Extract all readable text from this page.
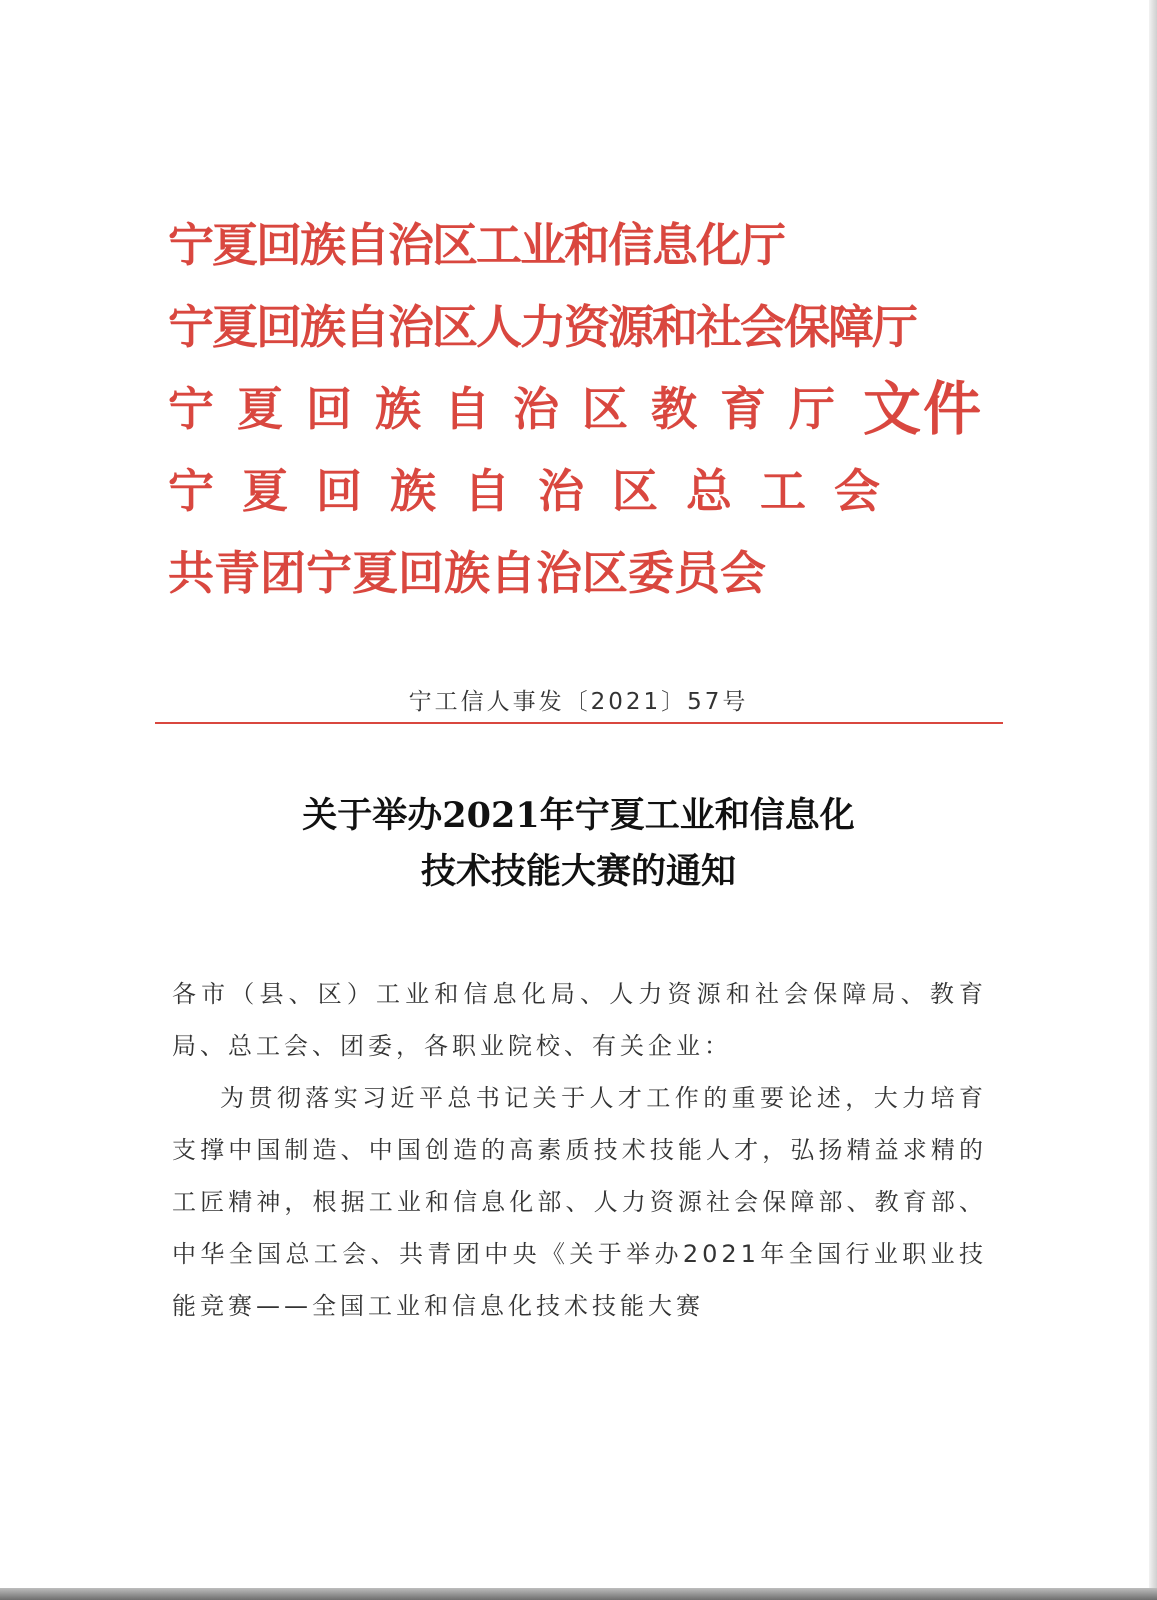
宁夏回族自治区工业和信息化厅
宁夏回族自治区人力资源和社会保障厅
宁夏回族自治区教育厅
宁夏回族自治区总工会
共青团宁夏回族自治区委员会
文件
宁工信人事发〔2021〕57号
关于举办2021年宁夏工业和信息化
技术技能大赛的通知

各市（县、区）工业和信息化局、人力资源和社会保障局、教育局、总工会、团委，各职业院校、有关企业：

为贯彻落实习近平总书记关于人才工作的重要论述，大力培育支撑中国制造、中国创造的高素质技术技能人才，弘扬精益求精的工匠精神，根据工业和信息化部、人力资源社会保障部、教育部、中华全国总工会、共青团中央《关于举办2021年全国行业职业技能竞赛——全国工业和信息化技术技能大赛
